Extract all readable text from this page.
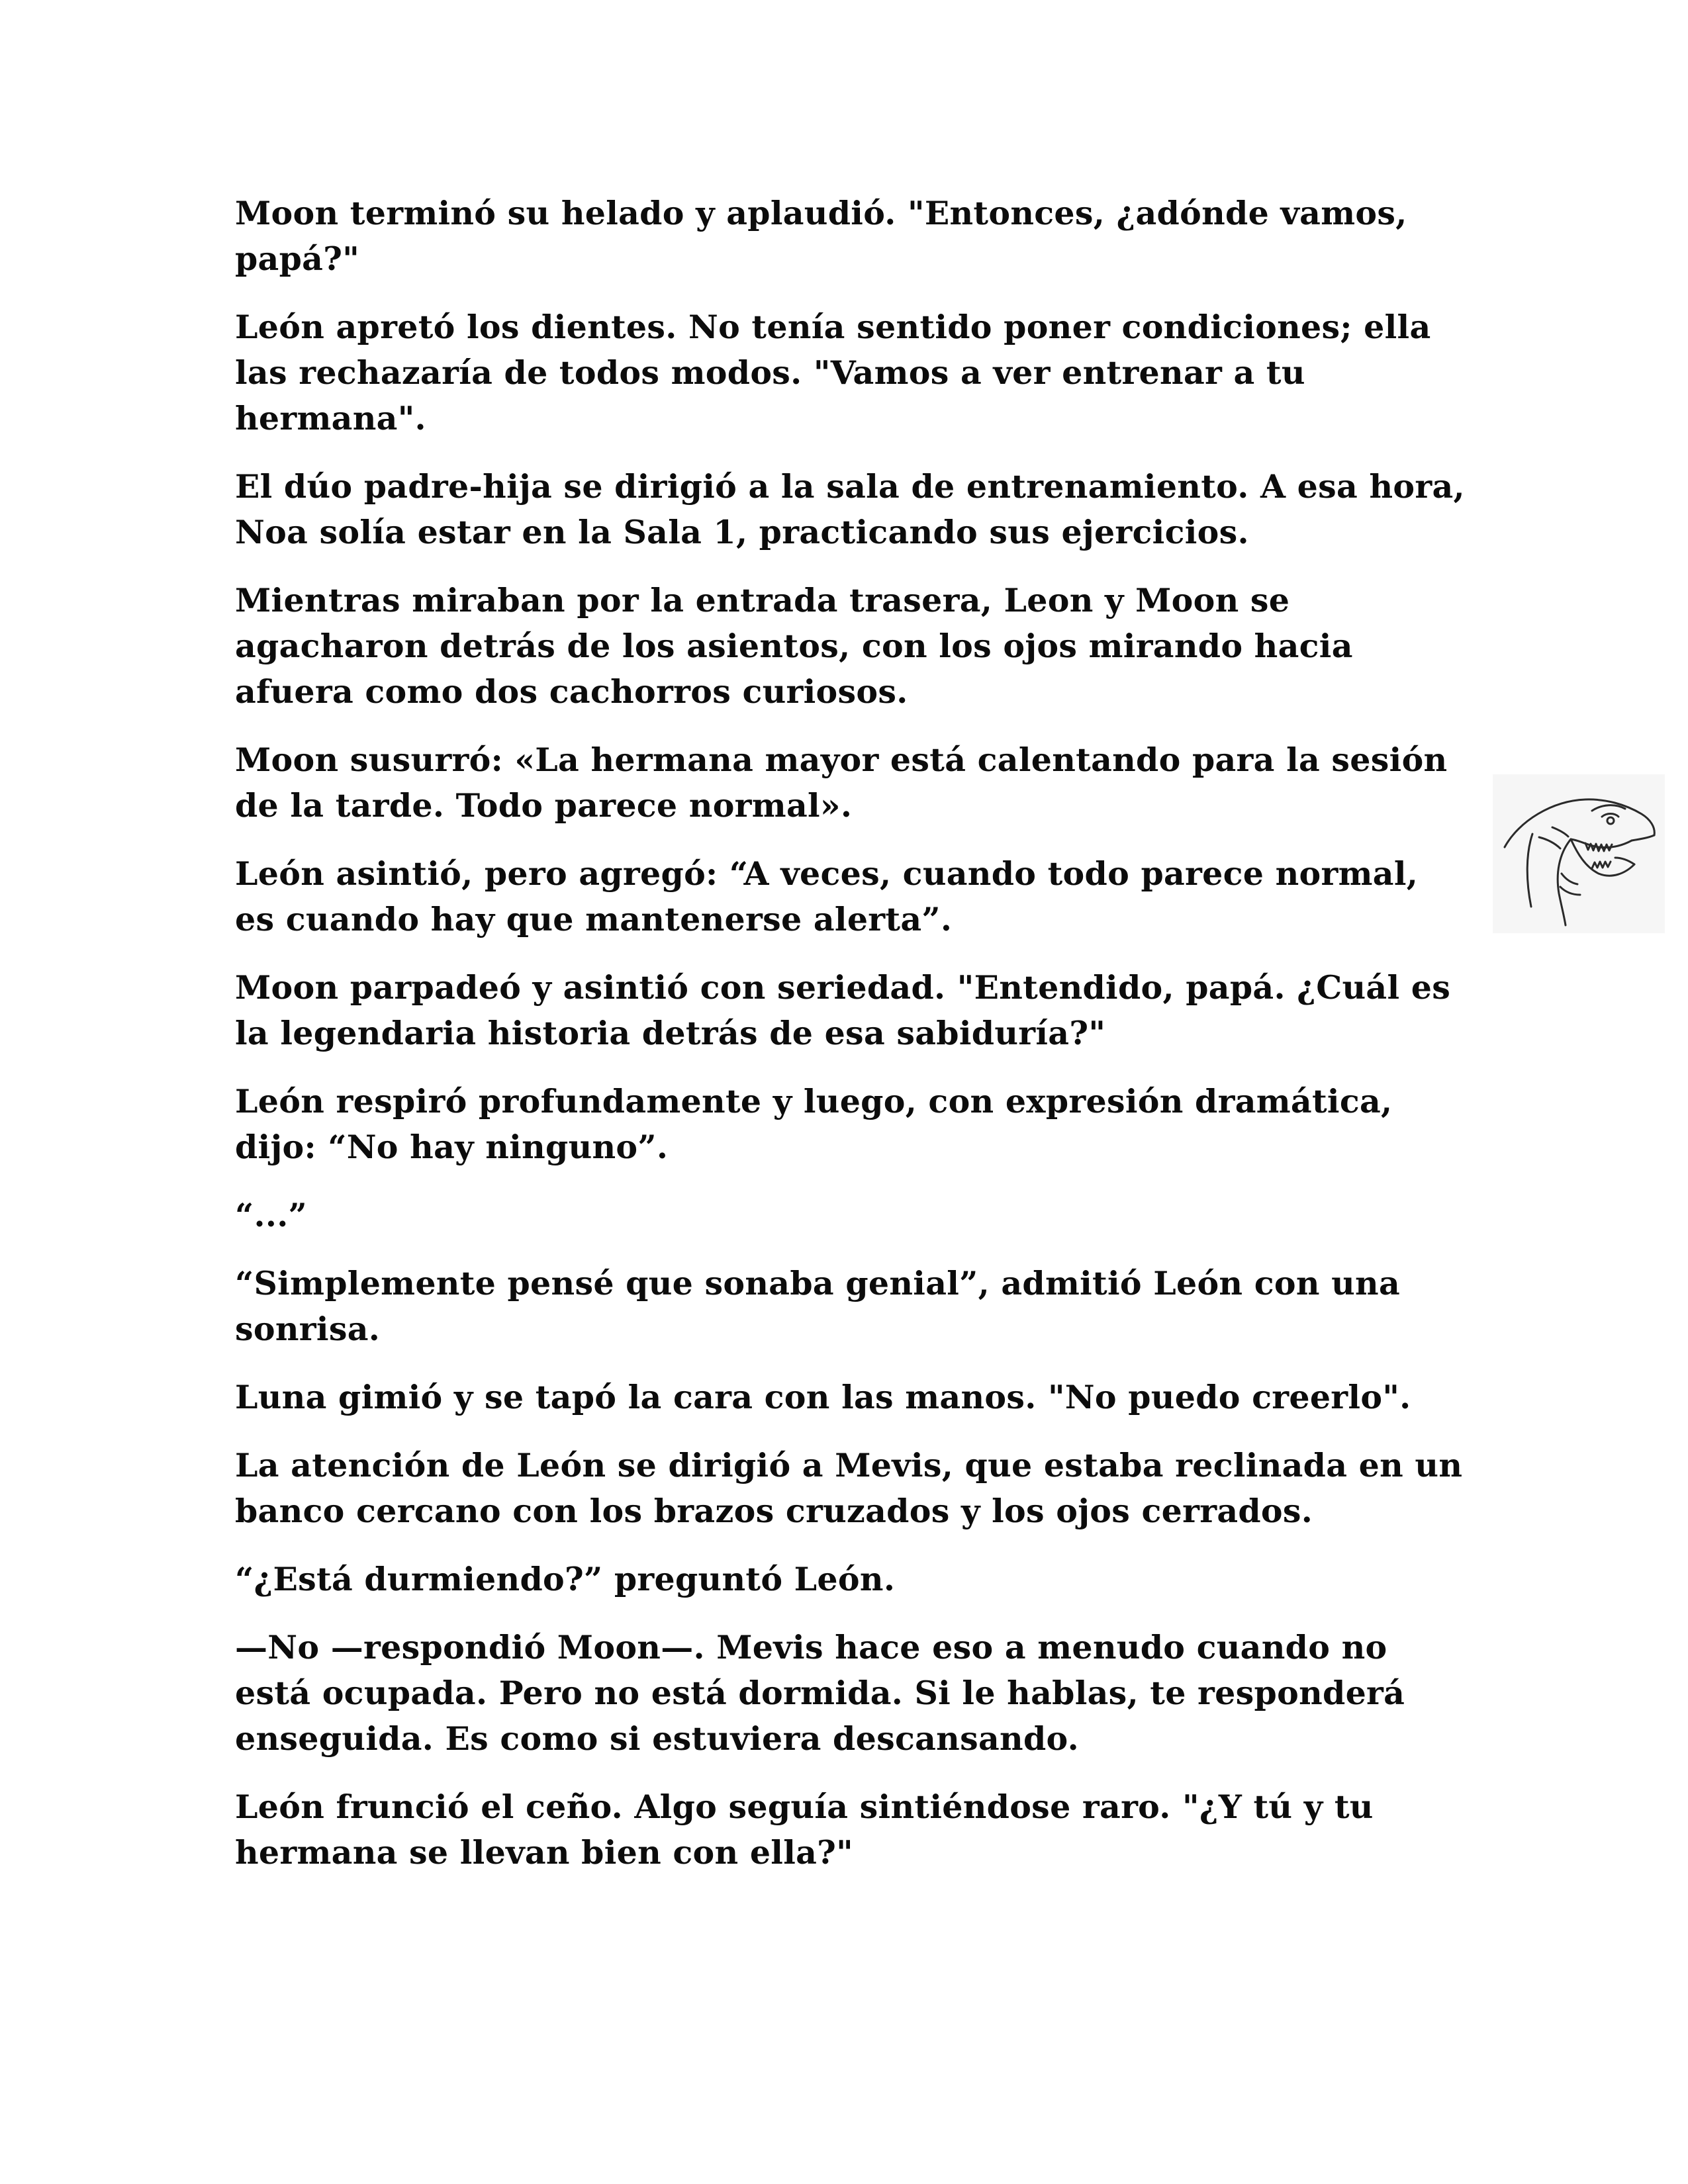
Moon terminó su helado y aplaudió. "Entonces, ¿adónde vamos, papá?"

León apretó los dientes. No tenía sentido poner condiciones; ella las rechazaría de todos modos. "Vamos a ver entrenar a tu hermana".

El dúo padre-hija se dirigió a la sala de entrenamiento. A esa hora, Noa solía estar en la Sala 1, practicando sus ejercicios.

Mientras miraban por la entrada trasera, Leon y Moon se agacharon detrás de los asientos, con los ojos mirando hacia afuera como dos cachorros curiosos.

Moon susurró: «La hermana mayor está calentando para la sesión de la tarde. Todo parece normal».

León asintió, pero agregó: “A veces, cuando todo parece normal, es cuando hay que mantenerse alerta”.

Moon parpadeó y asintió con seriedad. "Entendido, papá. ¿Cuál es la legendaria historia detrás de esa sabiduría?"

León respiró profundamente y luego, con expresión dramática, dijo: “No hay ninguno”.

“...”

“Simplemente pensé que sonaba genial”, admitió León con una sonrisa.

Luna gimió y se tapó la cara con las manos. "No puedo creerlo".

La atención de León se dirigió a Mevis, que estaba reclinada en un banco cercano con los brazos cruzados y los ojos cerrados.

“¿Está durmiendo?” preguntó León.

—No —respondió Moon—. Mevis hace eso a menudo cuando no está ocupada. Pero no está dormida. Si le hablas, te responderá enseguida. Es como si estuviera descansando.

León frunció el ceño. Algo seguía sintiéndose raro. "¿Y tú y tu hermana se llevan bien con ella?"
